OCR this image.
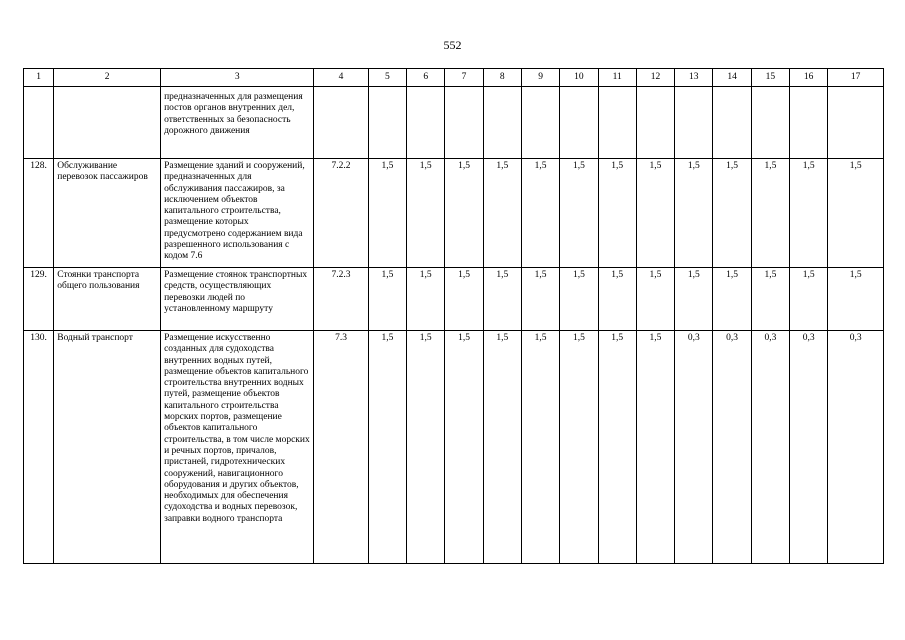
552
1	2	3	4	5	6	7	8	9	10	11	12	13	14	15	16	17
		предназначенных для размещения постов органов внутренних дел, ответственных за безопасность дорожного движения														
128.	Обслуживание перевозок пассажиров	Размещение зданий и сооружений, предназначенных для обслуживания пассажиров, за исключением объектов капитального строительства, размещение которых предусмотрено содержанием вида разрешенного использования с кодом 7.6	7.2.2	1,5	1,5	1,5	1,5	1,5	1,5	1,5	1,5	1,5	1,5	1,5	1,5	1,5
129.	Стоянки транспорта общего пользования	Размещение стоянок транспортных средств, осуществляющих перевозки людей по установленному маршруту	7.2.3	1,5	1,5	1,5	1,5	1,5	1,5	1,5	1,5	1,5	1,5	1,5	1,5	1,5
130.	Водный транспорт	Размещение искусственно созданных для судоходства внутренних водных путей, размещение объектов капитального строительства внутренних водных путей, размещение объектов капитального строительства морских портов, размещение объектов капитального строительства, в том числе морских и речных портов, причалов, пристаней, гидротехнических сооружений, навигационного оборудования и других объектов, необходимых для обеспечения судоходства и водных перевозок, заправки водного транспорта	7.3	1,5	1,5	1,5	1,5	1,5	1,5	1,5	1,5	0,3	0,3	0,3	0,3	0,3
